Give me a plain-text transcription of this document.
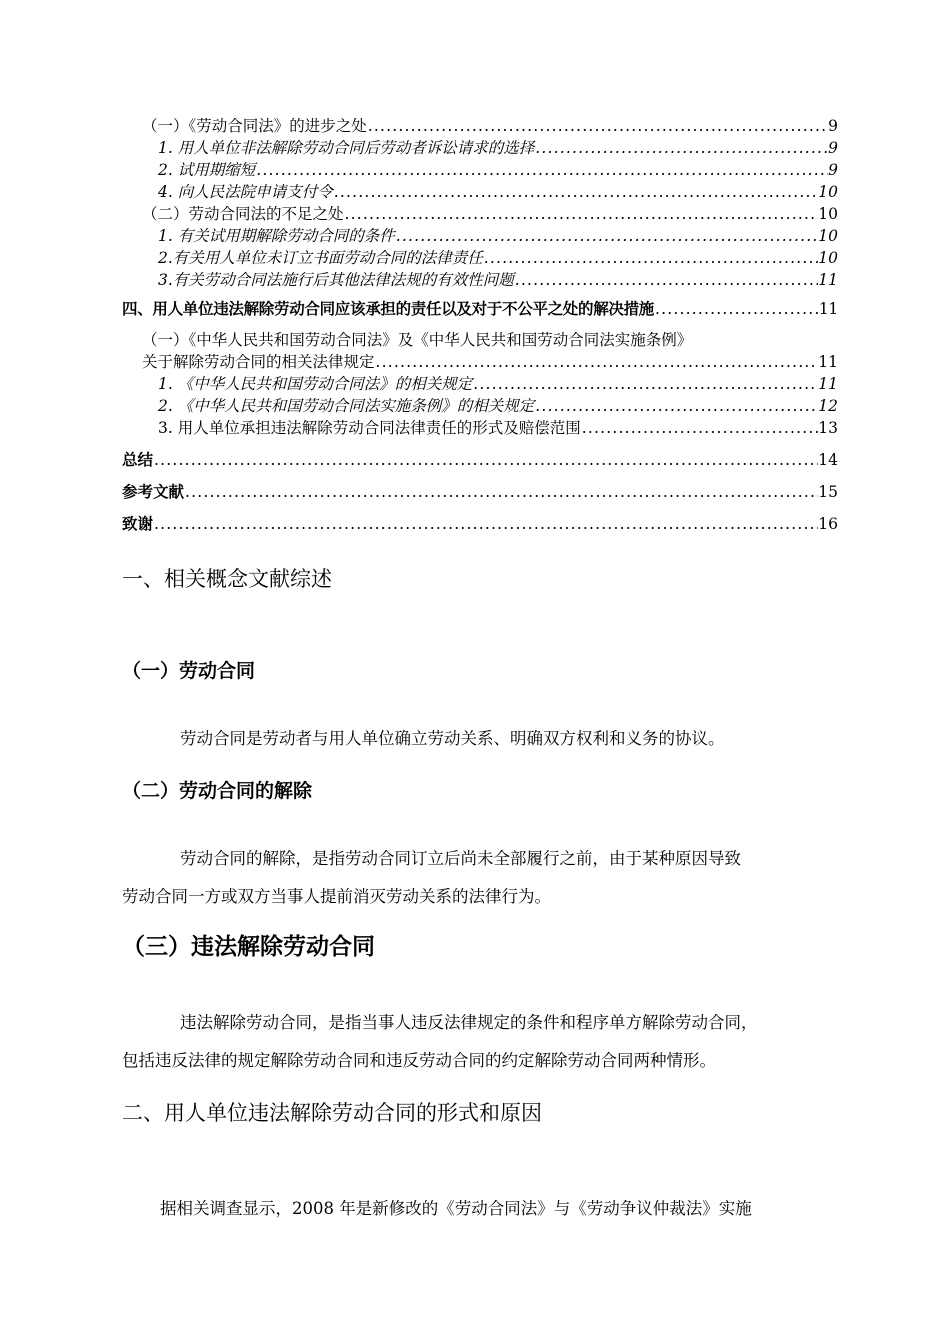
（一）《劳动合同法》的进步之处 .....	9
1. 用人单位非法解除劳动合同后劳动者诉讼请求的选择 .....	9
2. 试用期缩短 .....	9
4. 向人民法院申请支付令 .....	10
（二）劳动合同法的不足之处 .....	10
1. 有关试用期解除劳动合同的条件 .....	10
2.有关用人单位未订立书面劳动合同的法律责任 .....	10
3.有关劳动合同法施行后其他法律法规的有效性问题 .....	11
四、用人单位违法解除劳动合同应该承担的责任以及对于不公平之处的解决措施 .....	11
（一）《中华人民共和国劳动合同法》及《中华人民共和国劳动合同法实施条例》
关于解除劳动合同的相关法律规定 .....	11
1. 《中华人民共和国劳动合同法》的相关规定 .....	11
2. 《中华人民共和国劳动合同法实施条例》的相关规定 .....	12
3. 用人单位承担违法解除劳动合同法律责任的形式及赔偿范围 .....	13
总结 .....	14
参考文献 .....	15
致谢 .....	16
一、相关概念文献综述
（一）劳动合同
劳动合同是劳动者与用人单位确立劳动关系、明确双方权利和义务的协议。
（二）劳动合同的解除
劳动合同的解除，是指劳动合同订立后尚未全部履行之前，由于某种原因导致
劳动合同一方或双方当事人提前消灭劳动关系的法律行为。
（三）违法解除劳动合同
违法解除劳动合同，是指当事人违反法律规定的条件和程序单方解除劳动合同，
包括违反法律的规定解除劳动合同和违反劳动合同的约定解除劳动合同两种情形。
二、用人单位违法解除劳动合同的形式和原因
据相关调查显示，2008 年是新修改的《劳动合同法》与《劳动争议仲裁法》实施
